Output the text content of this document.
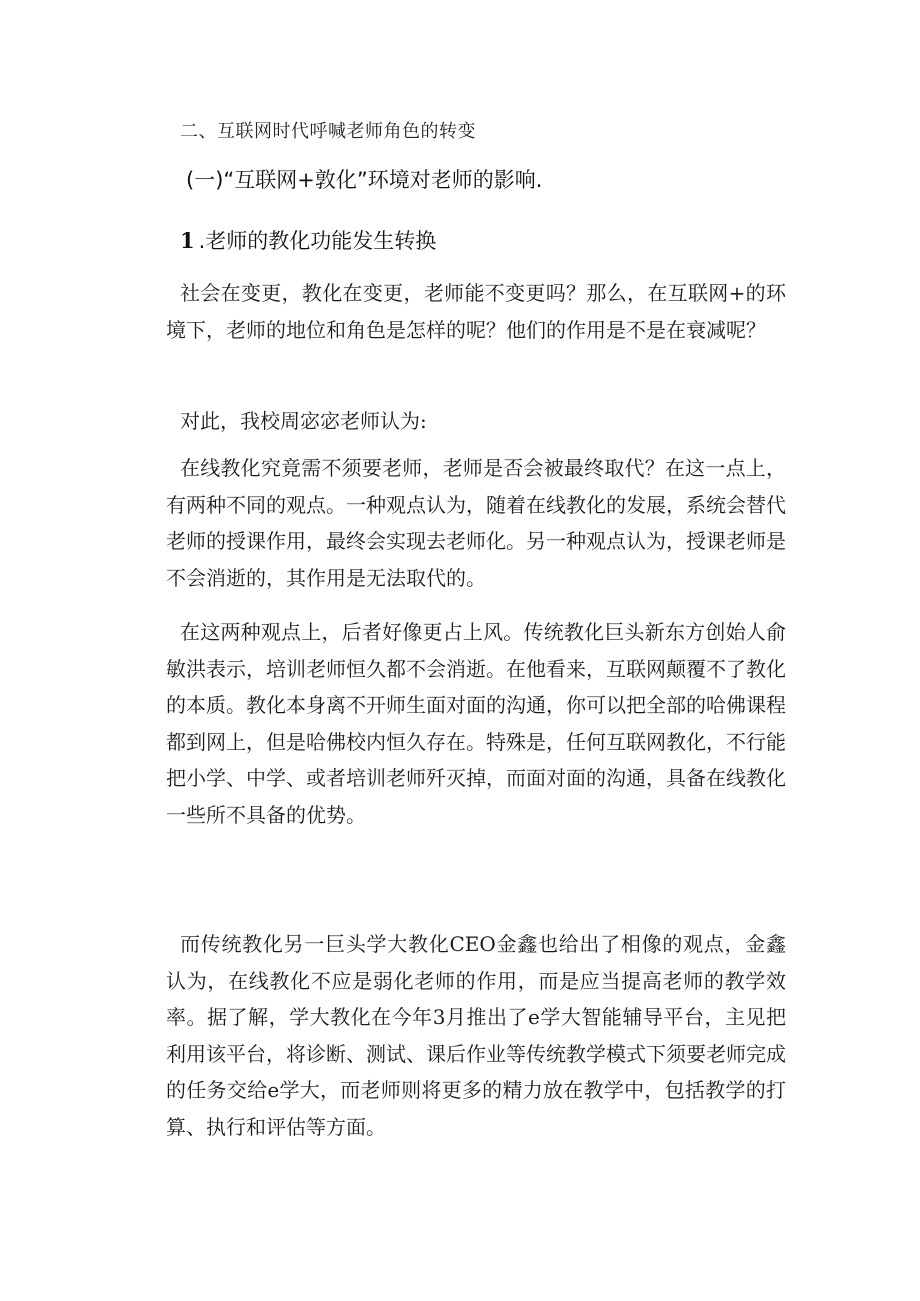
二、互联网时代呼喊老师角色的转变
(一)“互联网+敦化”环境对老师的影响.
1 .老师的教化功能发生转换

社会在变更，教化在变更，老师能不变更吗？那么，在互联网+的环境下，老师的地位和角色是怎样的呢？他们的作用是不是在衰减呢？

对此，我校周宓宓老师认为:

在线教化究竟需不须要老师，老师是否会被最终取代？在这一点上，有两种不同的观点。一种观点认为，随着在线教化的发展，系统会替代老师的授课作用，最终会实现去老师化。另一种观点认为，授课老师是不会消逝的，其作用是无法取代的。

在这两种观点上，后者好像更占上风。传统教化巨头新东方创始人俞敏洪表示，培训老师恒久都不会消逝。在他看来，互联网颠覆不了教化的本质。教化本身离不开师生面对面的沟通，你可以把全部的哈佛课程都到网上，但是哈佛校内恒久存在。特殊是，任何互联网教化，不行能把小学、中学、或者培训老师歼灭掉，而面对面的沟通，具备在线教化一些所不具备的优势。

而传统教化另一巨头学大教化CEO金鑫也给出了相像的观点，金鑫认为，在线教化不应是弱化老师的作用，而是应当提高老师的教学效率。据了解，学大教化在今年3月推出了e学大智能辅导平台，主见把利用该平台，将诊断、测试、课后作业等传统教学模式下须要老师完成的任务交给e学大，而老师则将更多的精力放在教学中，包括教学的打算、执行和评估等方面。
